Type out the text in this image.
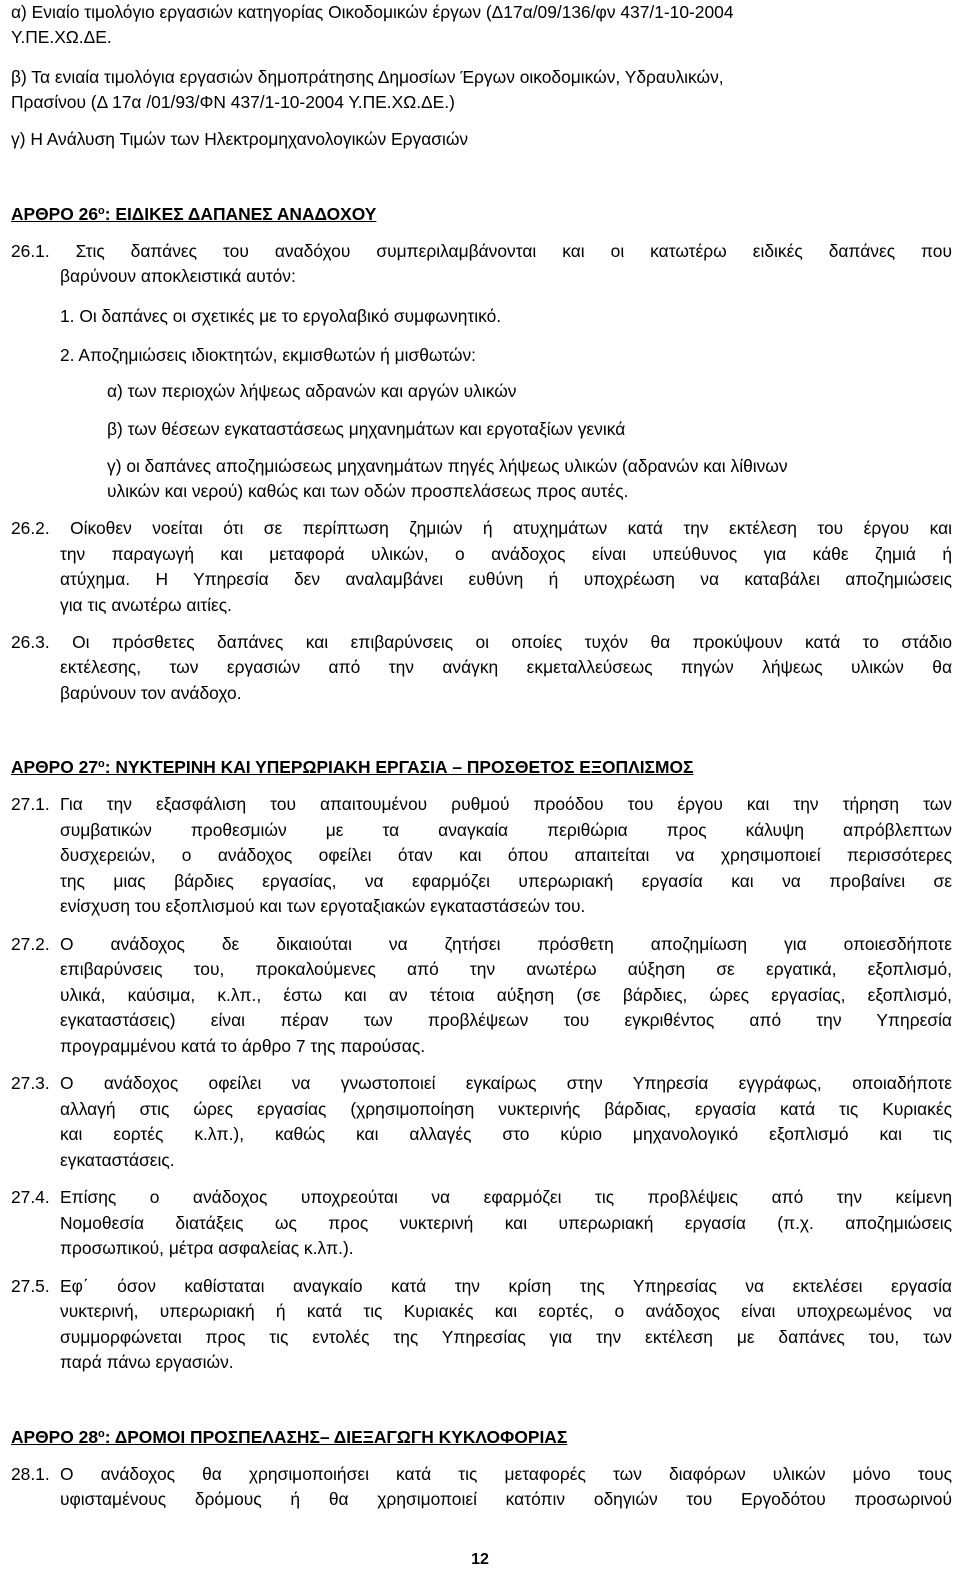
α) Ενιαίο τιμολόγιο εργασιών κατηγορίας Οικοδομικών έργων (Δ17α/09/136/φν 437/1-10-2004
Υ.ΠΕ.ΧΩ.ΔΕ.
β) Τα ενιαία τιμολόγια εργασιών δημοπράτησης Δημοσίων Έργων οικοδομικών, Υδραυλικών,
Πρασίνου (Δ 17α /01/93/ΦΝ 437/1-10-2004 Υ.ΠΕ.ΧΩ.ΔΕ.)
γ) Η Ανάλυση Τιμών των Ηλεκτρομηχανολογικών Εργασιών
ΑΡΘΡΟ $26^o$: ΕΙΔΙΚΕΣ ΔΑΠΑΝΕΣ ΑΝΑΔΟΧΟΥ
26.1. Στις δαπάνες του αναδόχου συμπεριλαμβάνονται και οι κατωτέρω ειδικές δαπάνες που
βαρύνουν αποκλειστικά αυτόν:
1. Οι δαπάνες οι σχετικές με το εργολαβικό συμφωνητικό.
2. Αποζημιώσεις ιδιοκτητών, εκμισθωτών ή μισθωτών:
α) των περιοχών λήψεως αδρανών και αργών υλικών
β) των θέσεων εγκαταστάσεως μηχανημάτων και εργοταξίων γενικά
γ) οι δαπάνες αποζημιώσεως μηχανημάτων πηγές λήψεως υλικών (αδρανών και λίθινων
υλικών και νερού) καθώς και των οδών προσπελάσεως προς αυτές.
26.2. Οίκοθεν νοείται ότι σε περίπτωση ζημιών ή ατυχημάτων κατά την εκτέλεση του έργου και
την παραγωγή και μεταφορά υλικών, ο ανάδοχος είναι υπεύθυνος για κάθε ζημιά ή
ατύχημα. Η Υπηρεσία δεν αναλαμβάνει ευθύνη ή υποχρέωση να καταβάλει αποζημιώσεις
για τις ανωτέρω αιτίες.
26.3. Οι πρόσθετες δαπάνες και επιβαρύνσεις οι οποίες τυχόν θα προκύψουν κατά το στάδιο
εκτέλεσης, των εργασιών από την ανάγκη εκμεταλλεύσεως πηγών λήψεως υλικών θα
βαρύνουν τον ανάδοχο.
ΑΡΘΡΟ $27^o$: ΝΥΚΤΕΡΙΝΗ ΚΑΙ ΥΠΕΡΩΡΙΑΚΗ ΕΡΓΑΣΙΑ – ΠΡΟΣΘΕΤΟΣ ΕΞΟΠΛΙΣΜΟΣ
27.1. Για την εξασφάλιση του απαιτουμένου ρυθμού προόδου του έργου και την τήρηση των
συμβατικών προθεσμιών με τα αναγκαία περιθώρια προς κάλυψη απρόβλεπτων
δυσχερειών, ο ανάδοχος οφείλει όταν και όπου απαιτείται να χρησιμοποιεί περισσότερες
της μιας βάρδιες εργασίας, να εφαρμόζει υπερωριακή εργασία και να προβαίνει σε
ενίσχυση του εξοπλισμού και των εργοταξιακών εγκαταστάσεών του.
27.2. Ο ανάδοχος δε δικαιούται να ζητήσει πρόσθετη αποζημίωση για οποιεσδήποτε
επιβαρύνσεις του, προκαλούμενες από την ανωτέρω αύξηση σε εργατικά, εξοπλισμό,
υλικά, καύσιμα, κ.λπ., έστω και αν τέτοια αύξηση (σε βάρδιες, ώρες εργασίας, εξοπλισμό,
εγκαταστάσεις) είναι πέραν των προβλέψεων του εγκριθέντος από την Υπηρεσία
προγραμμένου κατά το άρθρο 7 της παρούσας.
27.3. Ο ανάδοχος οφείλει να γνωστοποιεί εγκαίρως στην Υπηρεσία εγγράφως, οποιαδήποτε
αλλαγή στις ώρες εργασίας (χρησιμοποίηση νυκτερινής βάρδιας, εργασία κατά τις Κυριακές
και εορτές κ.λπ.), καθώς και αλλαγές στο κύριο μηχανολογικό εξοπλισμό και τις
εγκαταστάσεις.
27.4. Επίσης ο ανάδοχος υποχρεούται να εφαρμόζει τις προβλέψεις από την κείμενη
Νομοθεσία διατάξεις ως προς νυκτερινή και υπερωριακή εργασία (π.χ. αποζημιώσεις
προσωπικού, μέτρα ασφαλείας κ.λπ.).
27.5. Εφ΄ όσον καθίσταται αναγκαίο κατά την κρίση της Υπηρεσίας να εκτελέσει εργασία
νυκτερινή, υπερωριακή ή κατά τις Κυριακές και εορτές, ο ανάδοχος είναι υποχρεωμένος να
συμμορφώνεται προς τις εντολές της Υπηρεσίας για την εκτέλεση με δαπάνες του, των
παρά πάνω εργασιών.
ΑΡΘΡΟ $28^o$: ΔΡΟΜΟΙ ΠΡΟΣΠΕΛΑΣΗΣ– ΔΙΕΞΑΓΩΓΗ ΚΥΚΛΟΦΟΡΙΑΣ
28.1. Ο ανάδοχος θα χρησιμοποιήσει κατά τις μεταφορές των διαφόρων υλικών μόνο τους
υφισταμένους δρόμους ή θα χρησιμοποιεί κατόπιν οδηγιών του Εργοδότου προσωρινού
12
